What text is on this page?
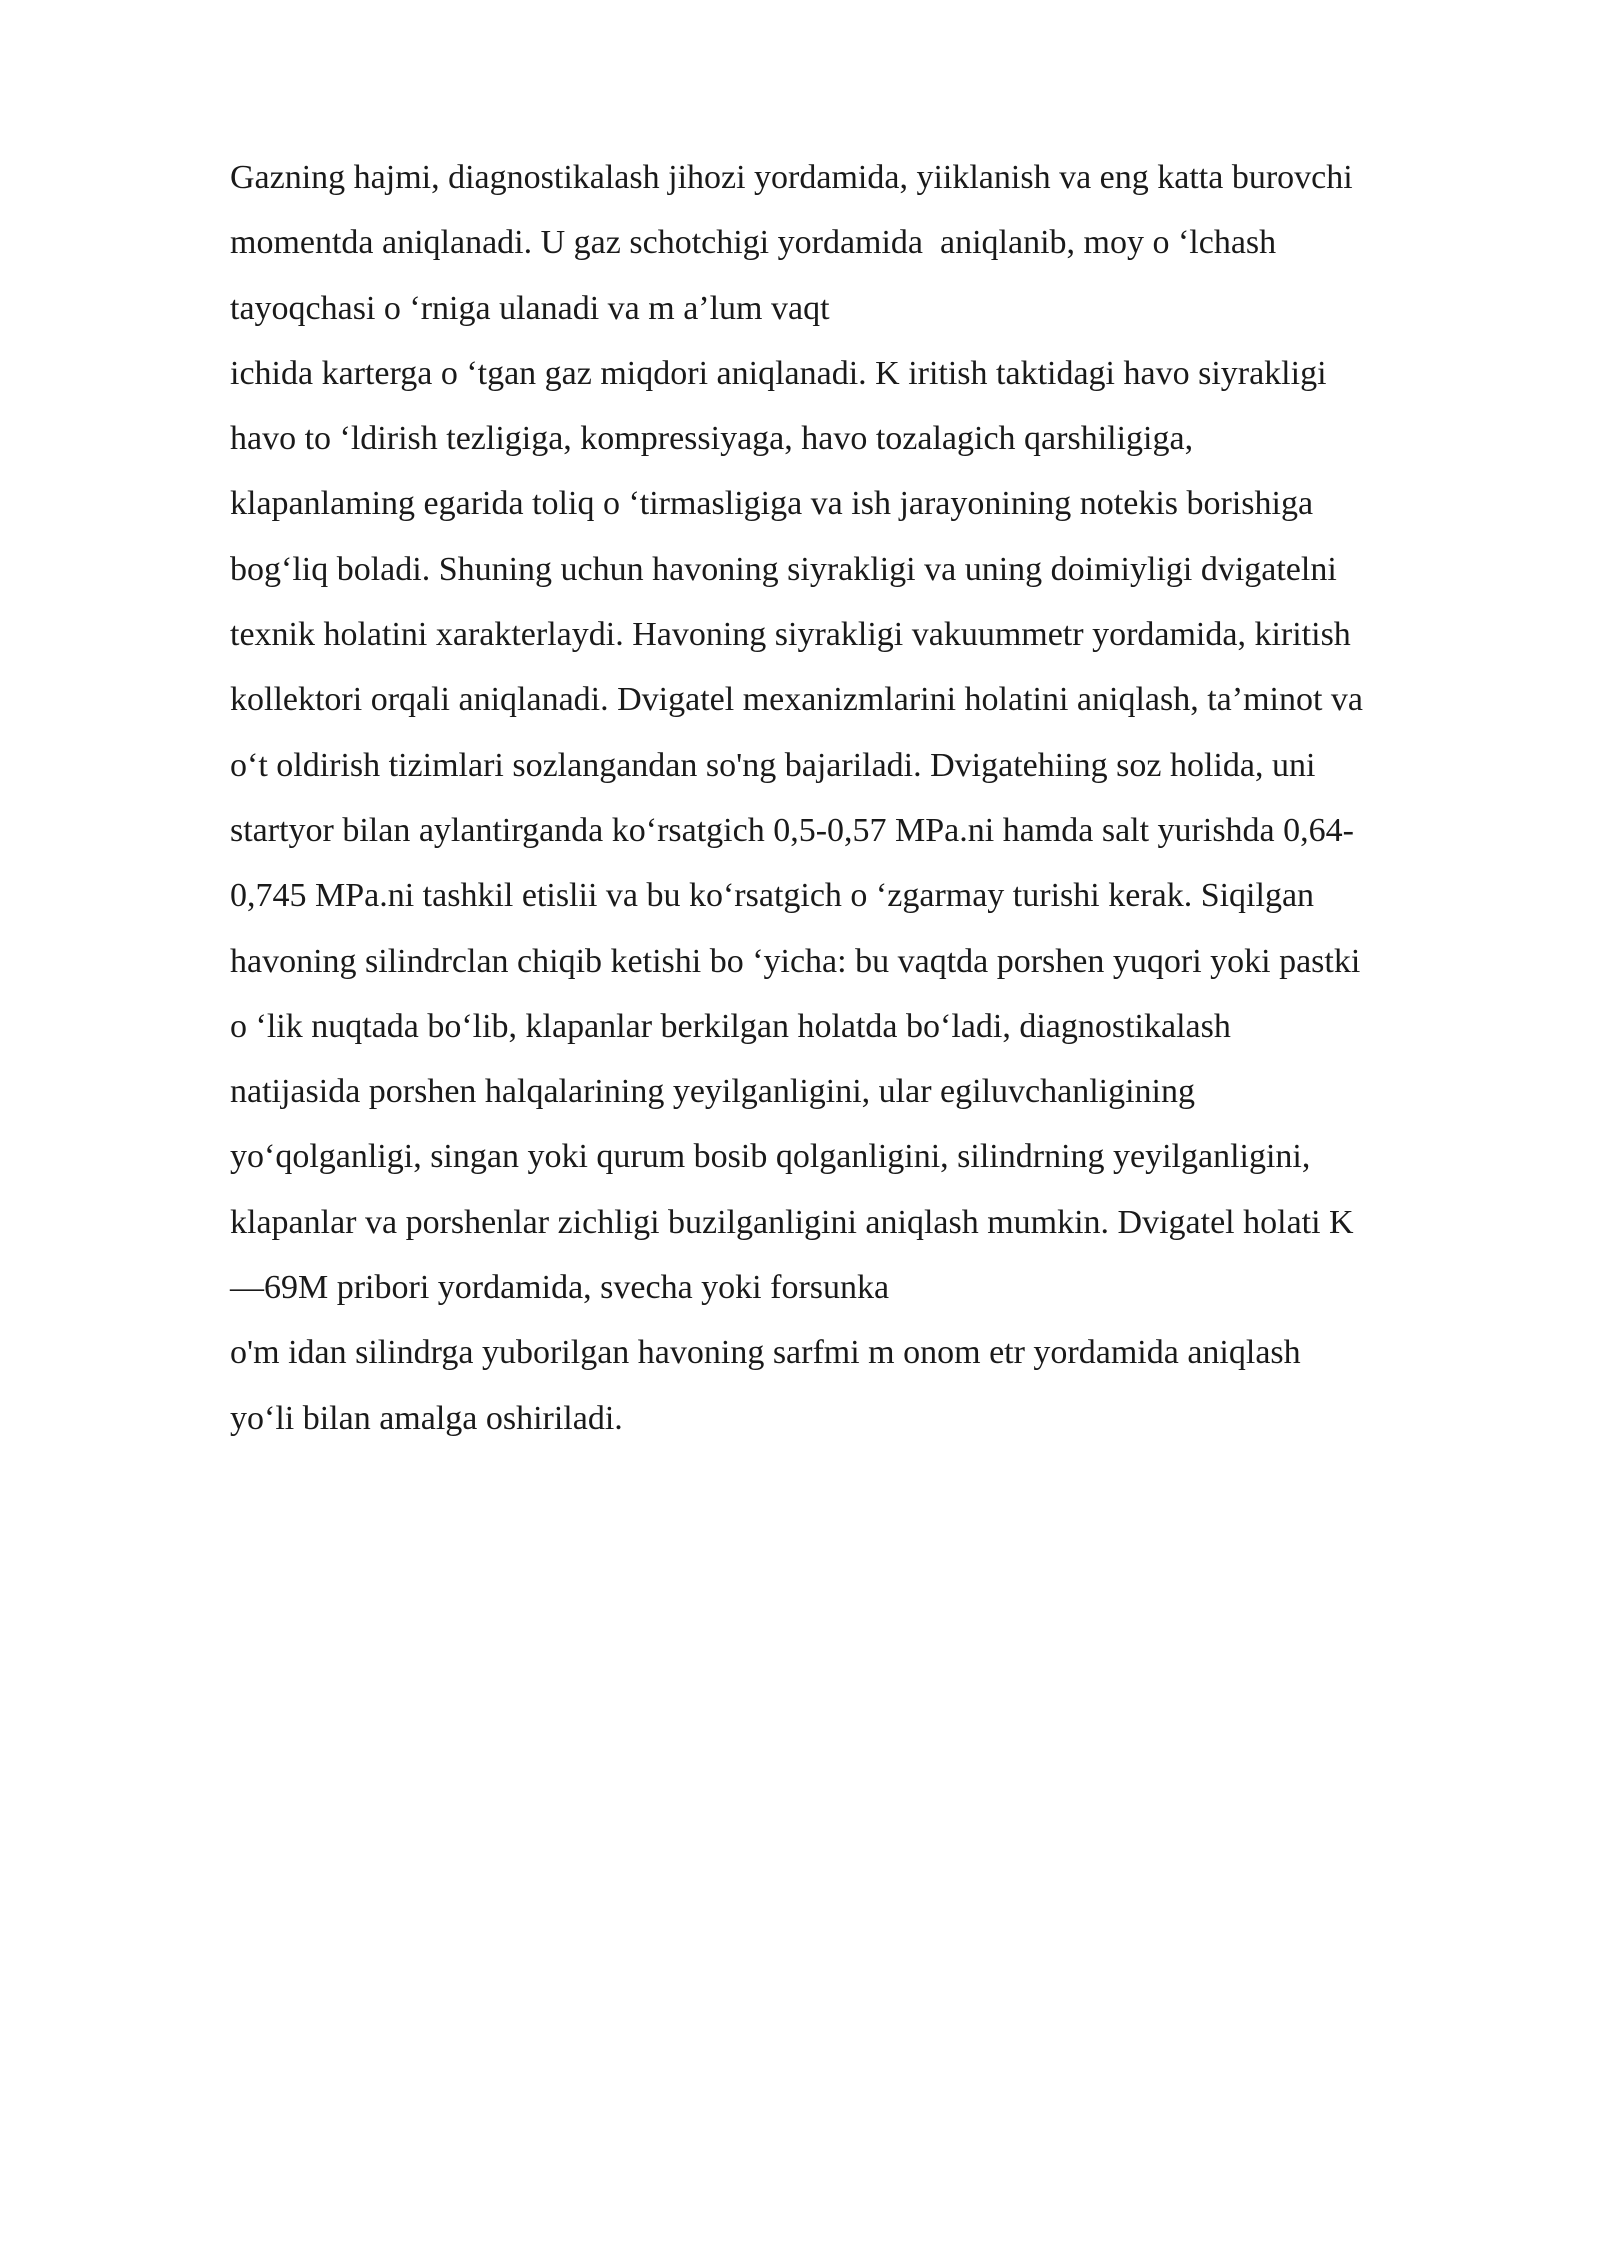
Gazning hajmi, diagnostikalash jihozi yordamida, yiiklanish va eng katta burovchi
momentda aniqlanadi. U gaz schotchigi yordamida  aniqlanib, moy o ‘lchash
tayoqchasi o ‘rniga ulanadi va m a’lum vaqt
ichida karterga o ‘tgan gaz miqdori aniqlanadi. K iritish taktidagi havo siyrakligi
havo to ‘ldirish tezligiga, kompressiyaga, havo tozalagich qarshiligiga,
klapanlaming egarida toliq o ‘tirmasligiga va ish jarayonining notekis borishiga
bog‘liq boladi. Shuning uchun havoning siyrakligi va uning doimiyligi dvigatelni
texnik holatini xarakterlaydi. Havoning siyrakligi vakuummetr yordamida, kiritish
kollektori orqali aniqlanadi. Dvigatel mexanizmlarini holatini aniqlash, ta’minot va
o‘t oldirish tizimlari sozlangandan so'ng bajariladi. Dvigatehiing soz holida, uni
startyor bilan aylantirganda ko‘rsatgich 0,5-0,57 MPa.ni hamda salt yurishda 0,64-
0,745 MPa.ni tashkil etislii va bu ko‘rsatgich o ‘zgarmay turishi kerak. Siqilgan
havoning silindrclan chiqib ketishi bo ‘yicha: bu vaqtda porshen yuqori yoki pastki
o ‘lik nuqtada bo‘lib, klapanlar berkilgan holatda bo‘ladi, diagnostikalash
natijasida porshen halqalarining yeyilganligini, ular egiluvchanligining
yo‘qolganligi, singan yoki qurum bosib qolganligini, silindrning yeyilganligini,
klapanlar va porshenlar zichligi buzilganligini aniqlash mumkin. Dvigatel holati K
—69M pribori yordamida, svecha yoki forsunka
o'm idan silindrga yuborilgan havoning sarfmi m onom etr yordamida aniqlash
yo‘li bilan amalga oshiriladi.
